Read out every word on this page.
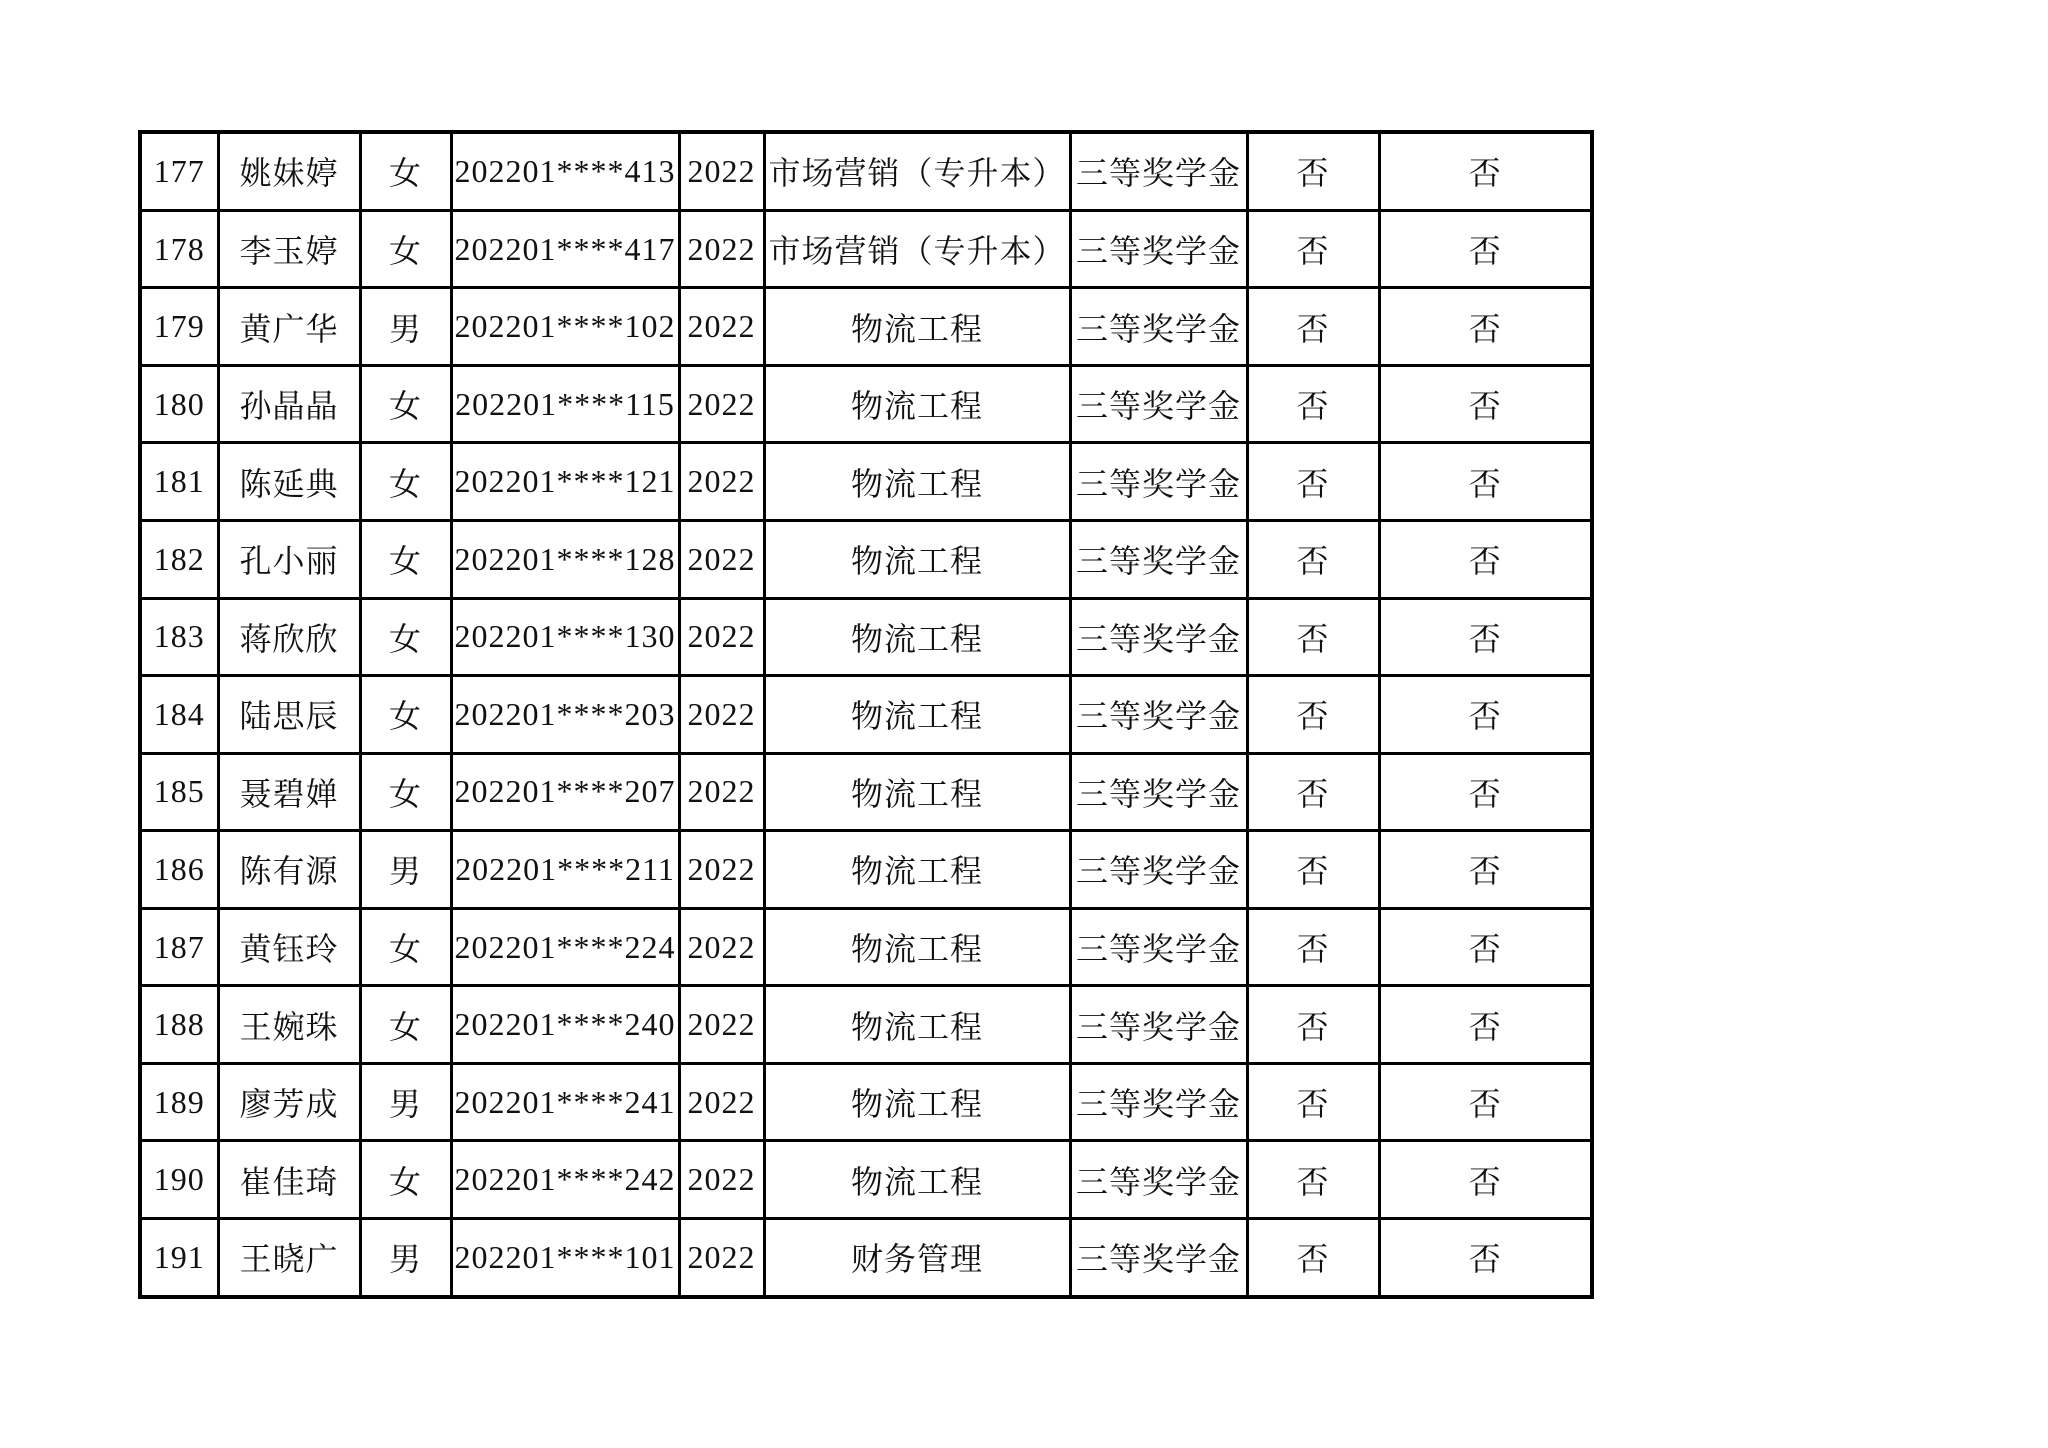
177	姚妹婷	女	202201****413	2022	市场营销（专升本）	三等奖学金	否	否
178	李玉婷	女	202201****417	2022	市场营销（专升本）	三等奖学金	否	否
179	黄广华	男	202201****102	2022	物流工程	三等奖学金	否	否
180	孙晶晶	女	202201****115	2022	物流工程	三等奖学金	否	否
181	陈延典	女	202201****121	2022	物流工程	三等奖学金	否	否
182	孔小丽	女	202201****128	2022	物流工程	三等奖学金	否	否
183	蒋欣欣	女	202201****130	2022	物流工程	三等奖学金	否	否
184	陆思辰	女	202201****203	2022	物流工程	三等奖学金	否	否
185	聂碧婵	女	202201****207	2022	物流工程	三等奖学金	否	否
186	陈有源	男	202201****211	2022	物流工程	三等奖学金	否	否
187	黄钰玲	女	202201****224	2022	物流工程	三等奖学金	否	否
188	王婉珠	女	202201****240	2022	物流工程	三等奖学金	否	否
189	廖芳成	男	202201****241	2022	物流工程	三等奖学金	否	否
190	崔佳琦	女	202201****242	2022	物流工程	三等奖学金	否	否
191	王晓广	男	202201****101	2022	财务管理	三等奖学金	否	否
